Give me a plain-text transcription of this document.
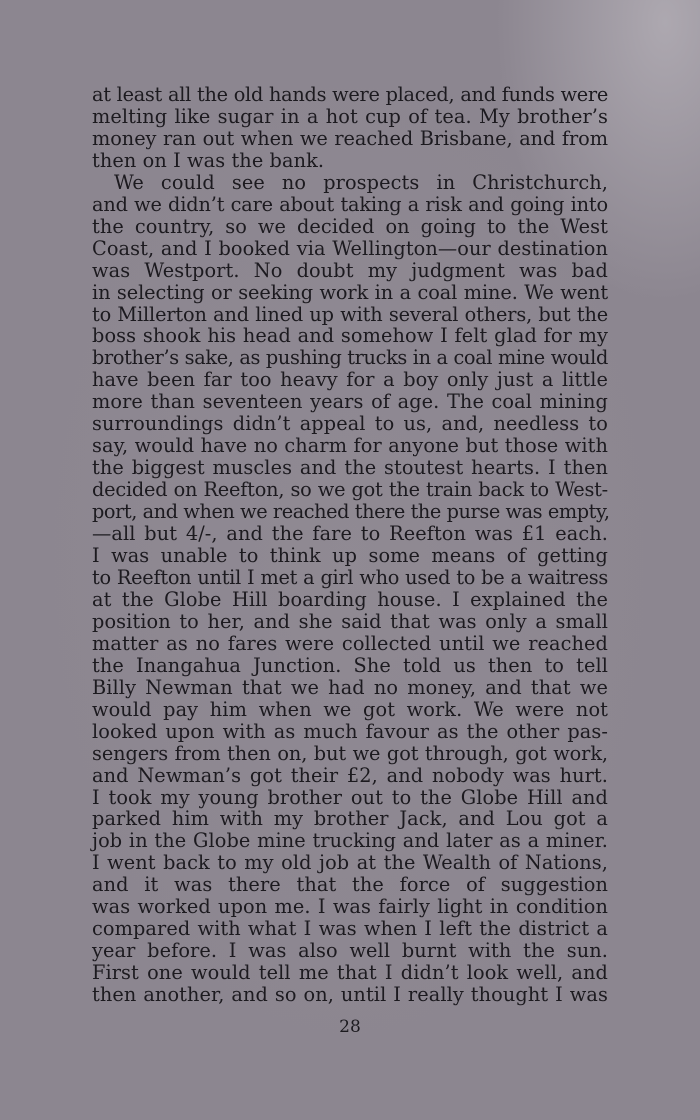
at least all the old hands were placed, and funds were
melting like sugar in a hot cup of tea. My brother’s
money ran out when we reached Brisbane, and from
then on I was the bank.

We could see no prospects in Christchurch,
and we didn’t care about taking a risk and going into
the country, so we decided on going to the West
Coast, and I booked via Wellington—our destination
was Westport. No doubt my judgment was bad
in selecting or seeking work in a coal mine. We went
to Millerton and lined up with several others, but the
boss shook his head and somehow I felt glad for my
brother’s sake, as pushing trucks in a coal mine would
have been far too heavy for a boy only just a little
more than seventeen years of age. The coal mining
surroundings didn’t appeal to us, and, needless to
say, would have no charm for anyone but those with
the biggest muscles and the stoutest hearts. I then
decided on Reefton, so we got the train back to West-
port, and when we reached there the purse was empty,
—all but 4/-, and the fare to Reefton was £1 each.
I was unable to think up some means of getting
to Reefton until I met a girl who used to be a waitress
at the Globe Hill boarding house. I explained the
position to her, and she said that was only a small
matter as no fares were collected until we reached
the Inangahua Junction. She told us then to tell
Billy Newman that we had no money, and that we
would pay him when we got work. We were not
looked upon with as much favour as the other pas-
sengers from then on, but we got through, got work,
and Newman’s got their £2, and nobody was hurt.
I took my young brother out to the Globe Hill and
parked him with my brother Jack, and Lou got a
job in the Globe mine trucking and later as a miner.
I went back to my old job at the Wealth of Nations,
and it was there that the force of suggestion
was worked upon me. I was fairly light in condition
compared with what I was when I left the district a
year before. I was also well burnt with the sun.
First one would tell me that I didn’t look well, and
then another, and so on, until I really thought I was

28
